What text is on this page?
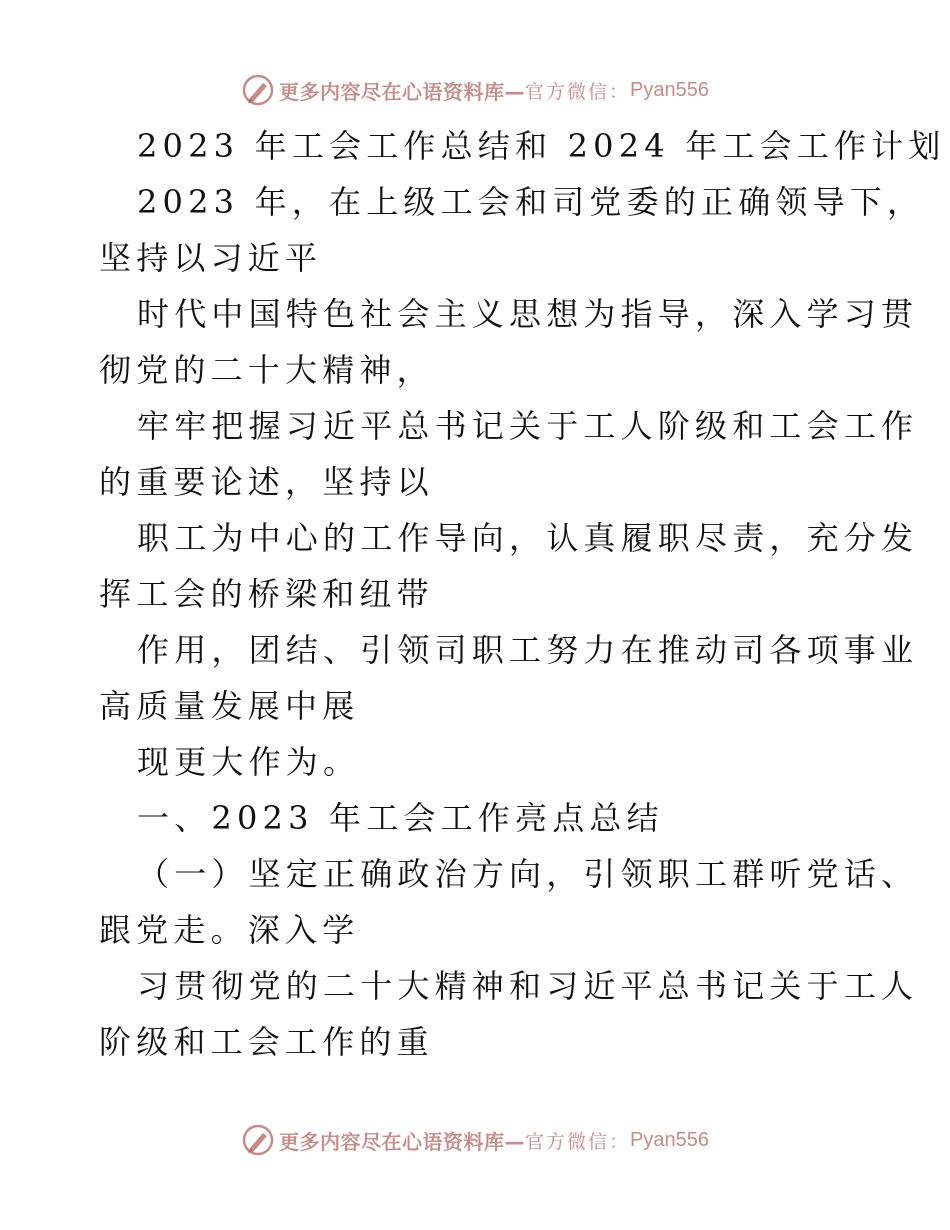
更多内容尽在心语资料库— 官方微信： Pyan556
2023 年工会工作总结和 2024 年工会工作计划
2023 年，在上级工会和司党委的正确领导下，
坚持以习近平
时代中国特色社会主义思想为指导，深入学习贯
彻党的二十大精神，
牢牢把握习近平总书记关于工人阶级和工会工作
的重要论述，坚持以
职工为中心的工作导向，认真履职尽责，充分发
挥工会的桥梁和纽带
作用，团结、引领司职工努力在推动司各项事业
高质量发展中展
现更大作为。
一、2023 年工会工作亮点总结
（一）坚定正确政治方向，引领职工群听党话、
跟党走。深入学
习贯彻党的二十大精神和习近平总书记关于工人
阶级和工会工作的重
更多内容尽在心语资料库— 官方微信： Pyan556
